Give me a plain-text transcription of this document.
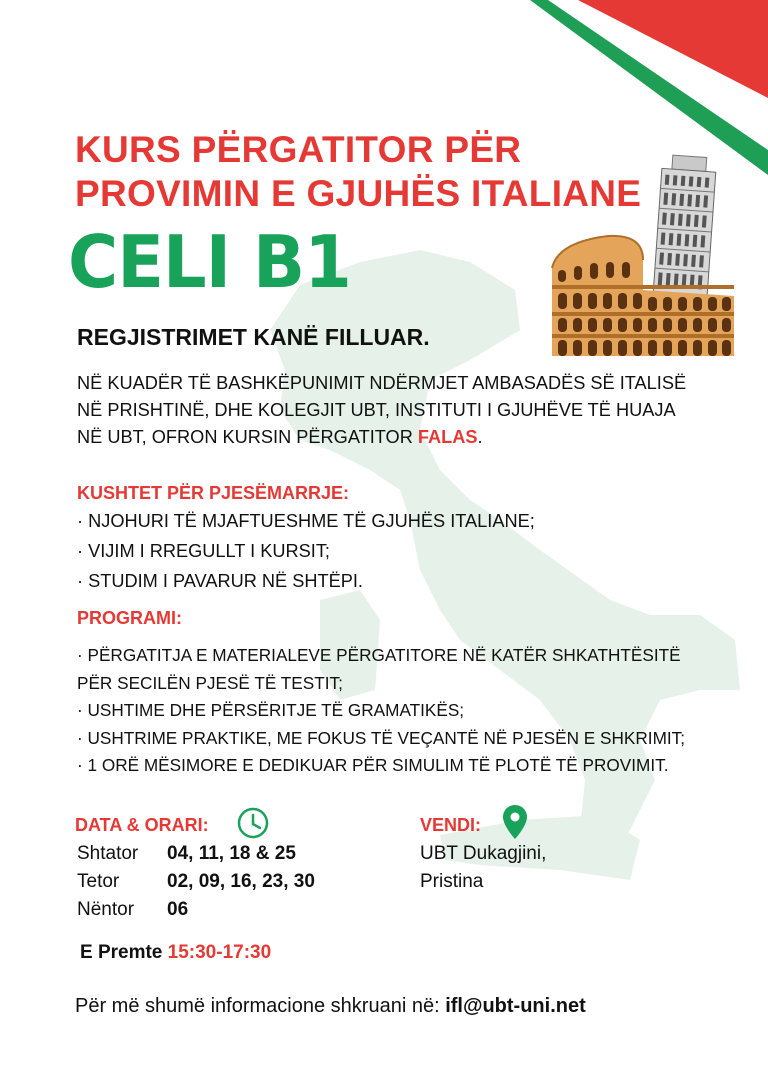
KURS PËRGATITOR PËR
PROVIMIN E GJUHËS ITALIANE
CELI B1
REGJISTRIMET KANË FILLUAR.
NË KUADËR TË BASHKËPUNIMIT NDËRMJET AMBASADËS SË ITALISË
NË PRISHTINË, DHE KOLEGJIT UBT, INSTITUTI I GJUHËVE TË HUAJA
NË UBT, OFRON KURSIN PËRGATITOR FALAS.
KUSHTET PËR PJESËMARRJE:
· NJOHURI TË MJAFTUESHME TË GJUHËS ITALIANE;
· VIJIM I RREGULLT I KURSIT;
· STUDIM I PAVARUR NË SHTËPI.
PROGRAMI:
· PËRGATITJA E MATERIALEVE PËRGATITORE NË KATËR SHKATHTËSITË
PËR SECILËN PJESË TË TESTIT;
· USHTIME DHE PËRSËRITJE TË GRAMATIKËS;
· USHTRIME PRAKTIKE, ME FOKUS TË VEÇANTË NË PJESËN E SHKRIMIT;
· 1 ORË MËSIMORE E DEDIKUAR PËR SIMULIM TË PLOTË TË PROVIMIT.
DATA & ORARI:
Shtator	04, 11, 18 & 25
Tetor	02, 09, 16, 23, 30
Nëntor	06
E Premte 15:30-17:30
VENDI:
UBT Dukagjini,
Pristina
Për më shumë informacione shkruani në: ifl@ubt-uni.net
